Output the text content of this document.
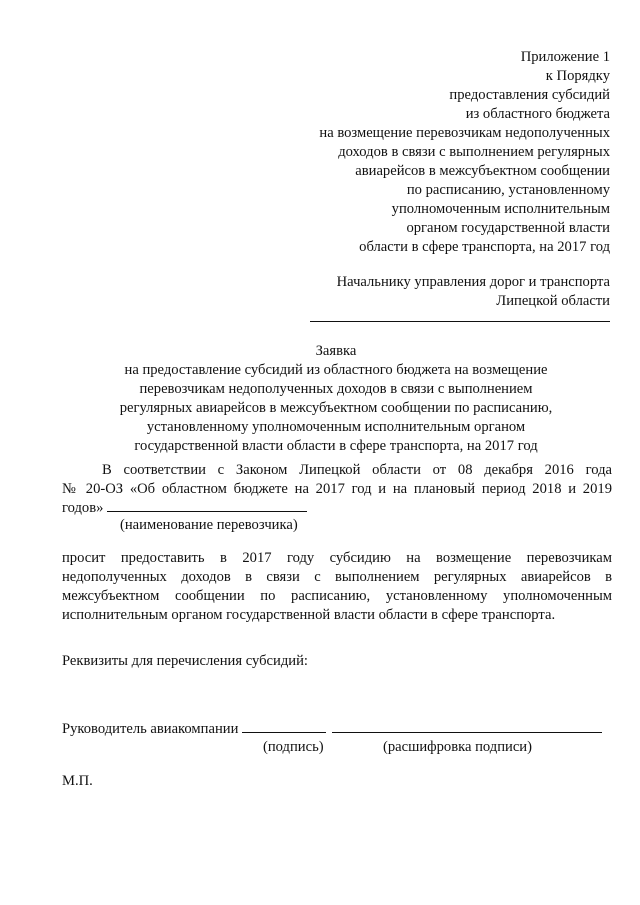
Приложение 1
к Порядку
предоставления субсидий
из областного бюджета
на возмещение перевозчикам недополученных
доходов в связи с выполнением регулярных
авиарейсов в межсубъектном сообщении
по расписанию, установленному
уполномоченным исполнительным
органом государственной власти
области в сфере транспорта, на 2017 год
Начальнику управления дорог и транспорта
Липецкой области
Заявка
на предоставление субсидий из областного бюджета на возмещение
перевозчикам недополученных доходов в связи с выполнением
регулярных авиарейсов в межсубъектном сообщении по расписанию,
установленному уполномоченным исполнительным органом
государственной власти области в сфере транспорта, на 2017 год
В соответствии с Законом Липецкой области от 08 декабря 2016 года
№ 20-ОЗ «Об областном бюджете на 2017 год и на плановый период 2018 и 2019
годов»
(наименование перевозчика)
просит предоставить в 2017 году субсидию на возмещение перевозчикам
недополученных доходов в связи с выполнением регулярных авиарейсов в
межсубъектном сообщении по расписанию, установленному уполномоченным
исполнительным органом государственной власти области в сфере транспорта.
Реквизиты для перечисления субсидий:
Руководитель авиакомпании
(подпись)	(расшифровка подписи)
М.П.
